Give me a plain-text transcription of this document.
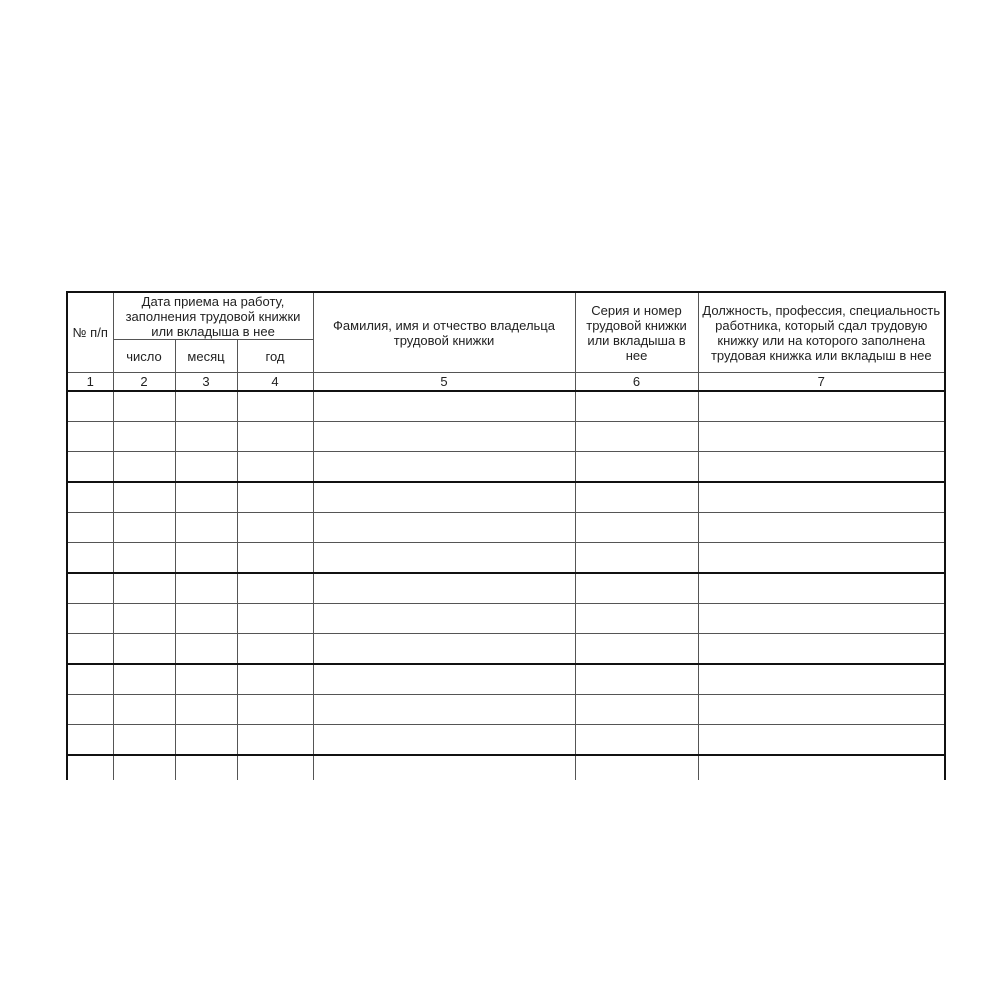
№ п/п	Дата приема на работу, заполнения трудовой книжки или вкладыша в нее			Фамилия, имя и отчество владельца трудовой книжки	Серия и номер трудовой книжки или вкладыша в нее	Должность, профессия, специальность работника, который сдал трудовую книжку или на которого заполнена трудовая книжка или вкладыш в нее

	число	месяц	год			

1	2	3	4	5	6	7
